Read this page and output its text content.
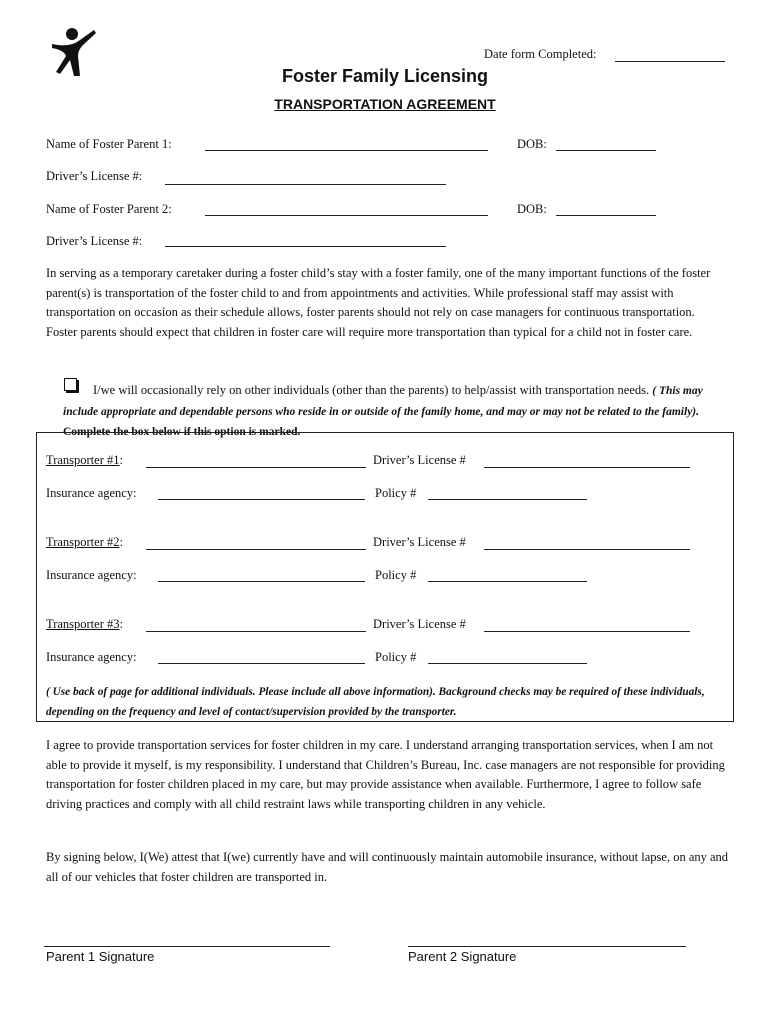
Date form Completed:
Foster Family Licensing
TRANSPORTATION AGREEMENT
Name of Foster Parent 1:	DOB:
Driver’s License #:
Name of Foster Parent 2:	DOB:
Driver’s License #:
In serving as a temporary caretaker during a foster child’s stay with a foster family, one of the many important functions of the foster parent(s) is transportation of the foster child to and from appointments and activities. While professional staff may assist with transportation on occasion as their schedule allows, foster parents should not rely on case managers for continuous transportation. Foster parents should expect that children in foster care will require more transportation than typical for a child not in foster care.
I/we will occasionally rely on other individuals (other than the parents) to help/assist with transportation needs. ( This may include appropriate and dependable persons who reside in or outside of the family home, and may or may not be related to the family). Complete the box below if this option is marked.
Transporter #1:	Driver’s License #
Insurance agency:	Policy #
Transporter #2:	Driver’s License #
Insurance agency:	Policy #
Transporter #3:	Driver’s License #
Insurance agency:	Policy #
( Use back of page for additional individuals. Please include all above information). Background checks may be required of these individuals, depending on the frequency and level of contact/supervision provided by the transporter.
I agree to provide transportation services for foster children in my care. I understand arranging transportation services, when I am not able to provide it myself, is my responsibility. I understand that Children’s Bureau, Inc. case managers are not responsible for providing transportation for foster children placed in my care, but may provide assistance when available. Furthermore, I agree to follow safe driving practices and comply with all child restraint laws while transporting children in any vehicle.
By signing below, I(We) attest that I(we) currently have and will continuously maintain automobile insurance, without lapse, on any and all of our vehicles that foster children are transported in.
Parent 1 Signature	Parent 2 Signature
